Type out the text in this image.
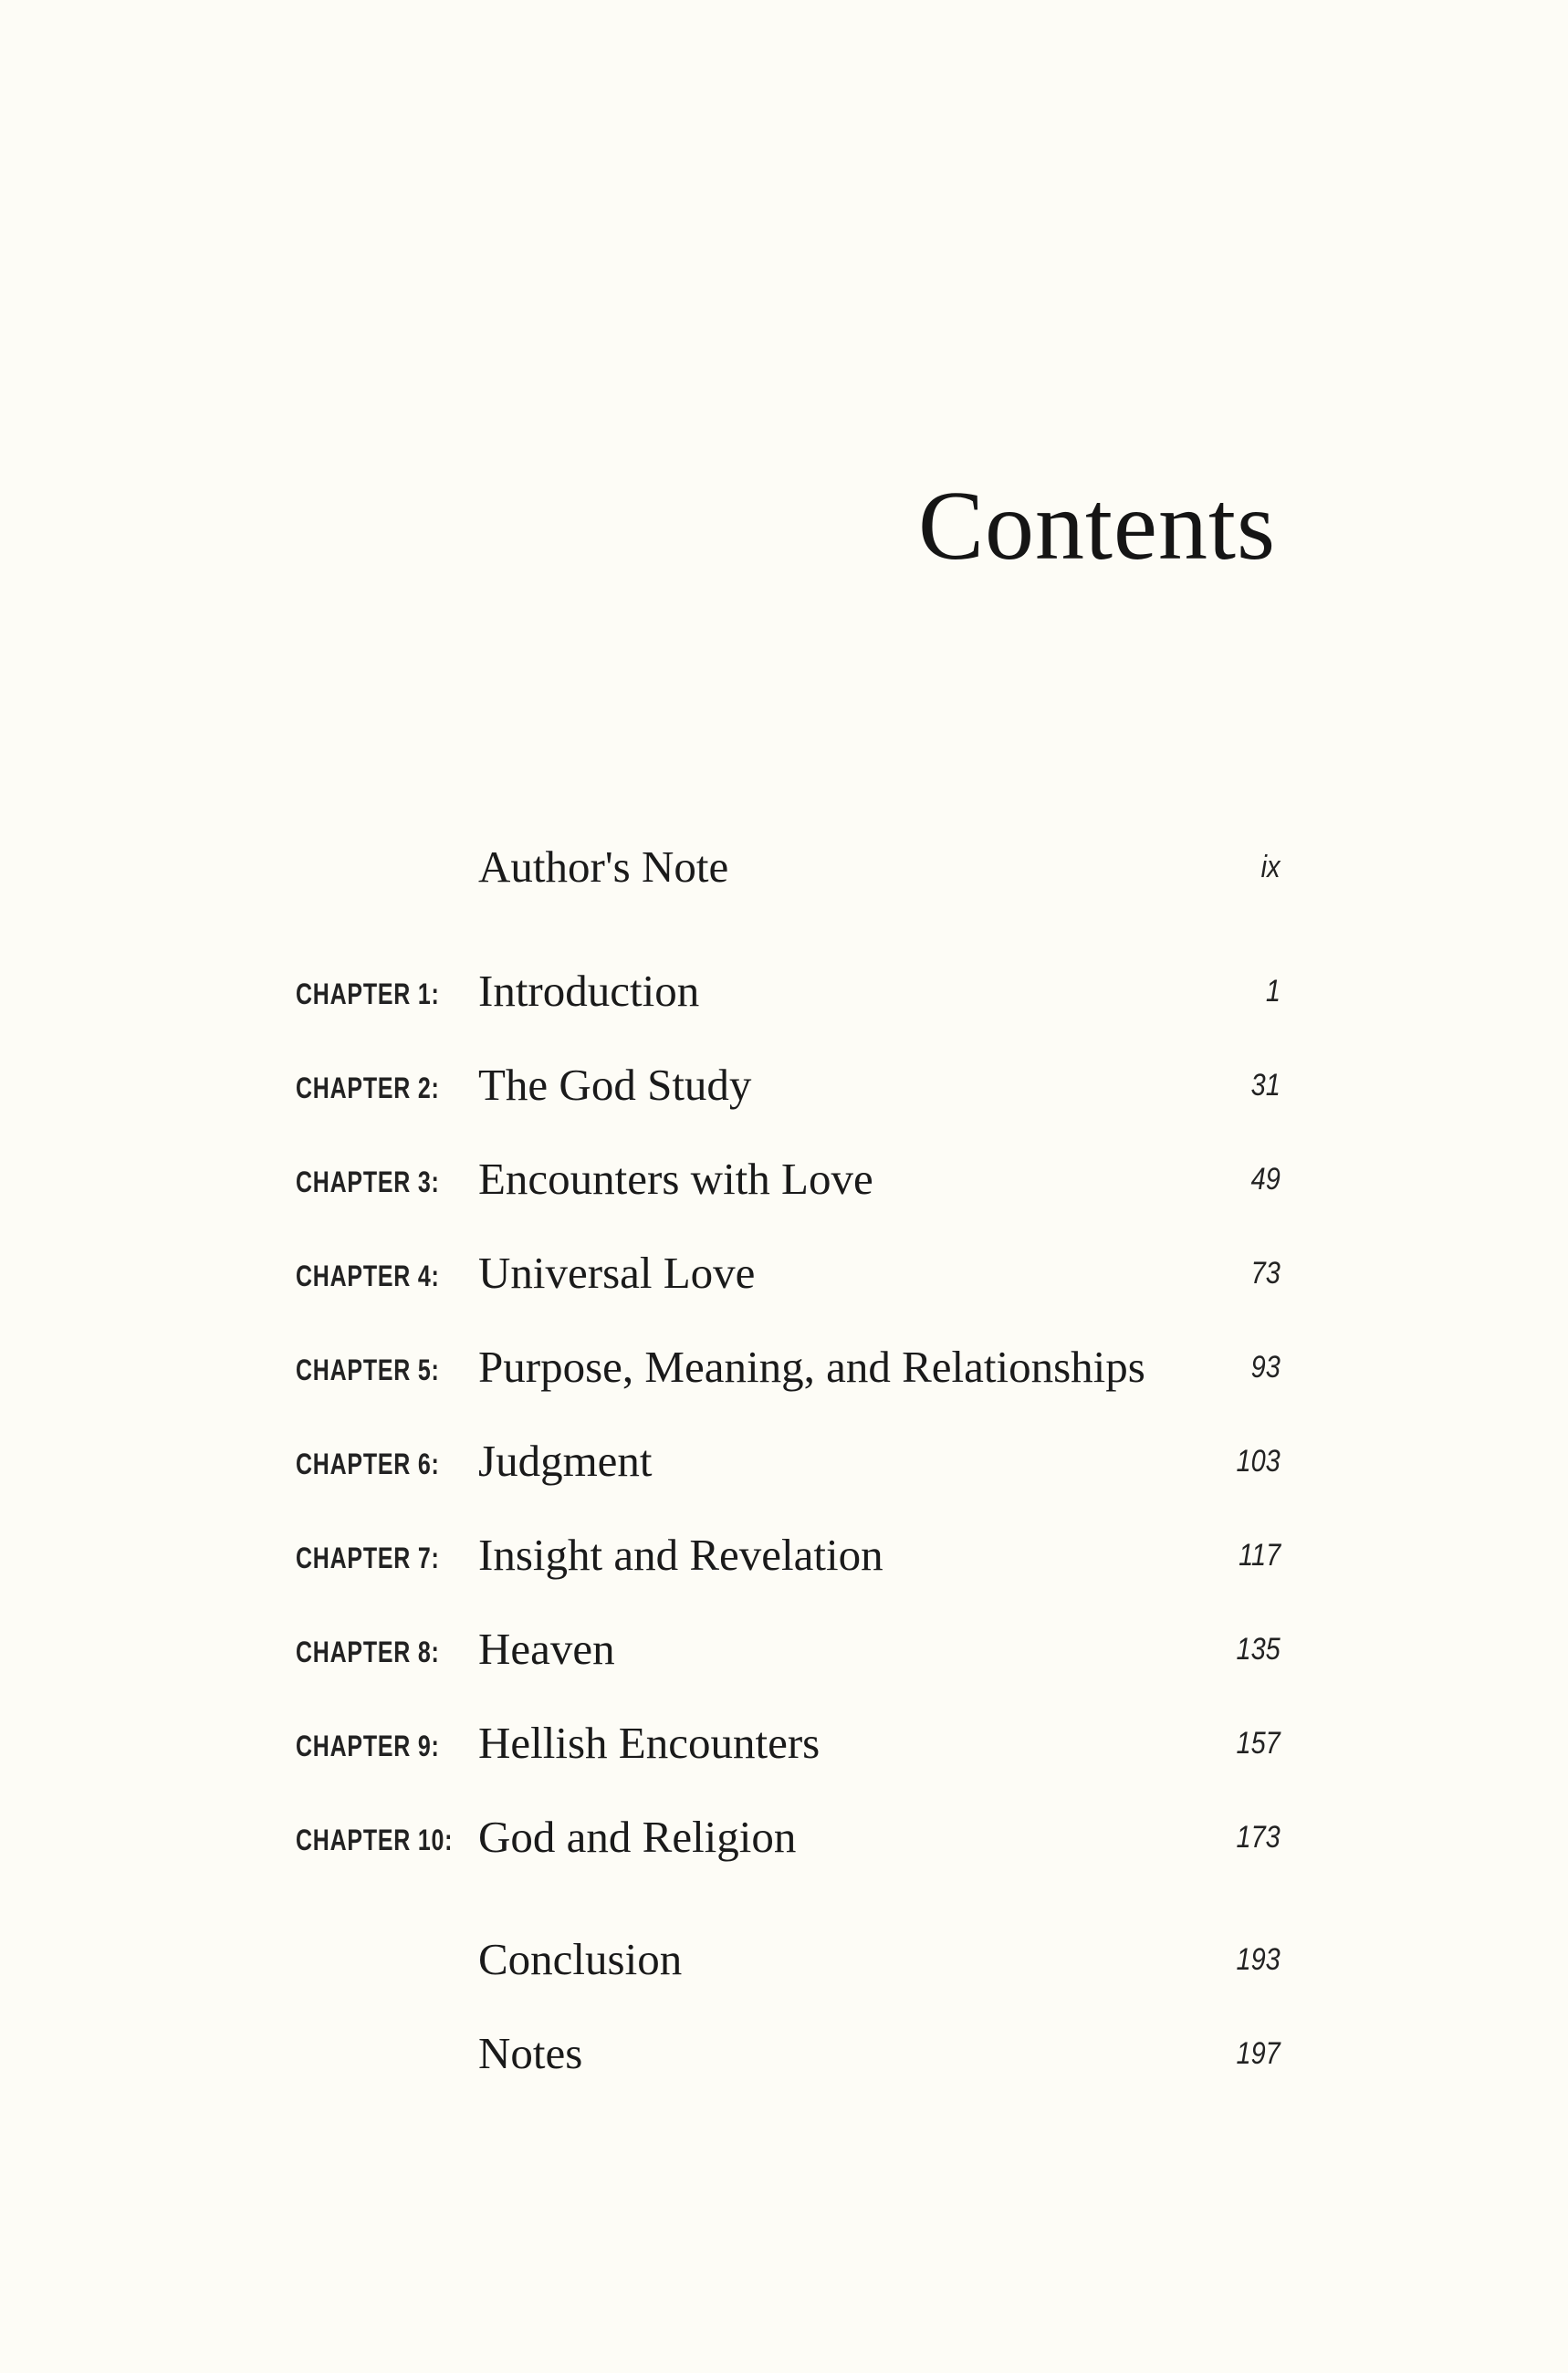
Contents
Author's Note	ix
CHAPTER 1: Introduction	1
CHAPTER 2: The God Study	31
CHAPTER 3: Encounters with Love	49
CHAPTER 4: Universal Love	73
CHAPTER 5: Purpose, Meaning, and Relationships	93
CHAPTER 6: Judgment	103
CHAPTER 7: Insight and Revelation	117
CHAPTER 8: Heaven	135
CHAPTER 9: Hellish Encounters	157
CHAPTER 10: God and Religion	173
Conclusion	193
Notes	197
